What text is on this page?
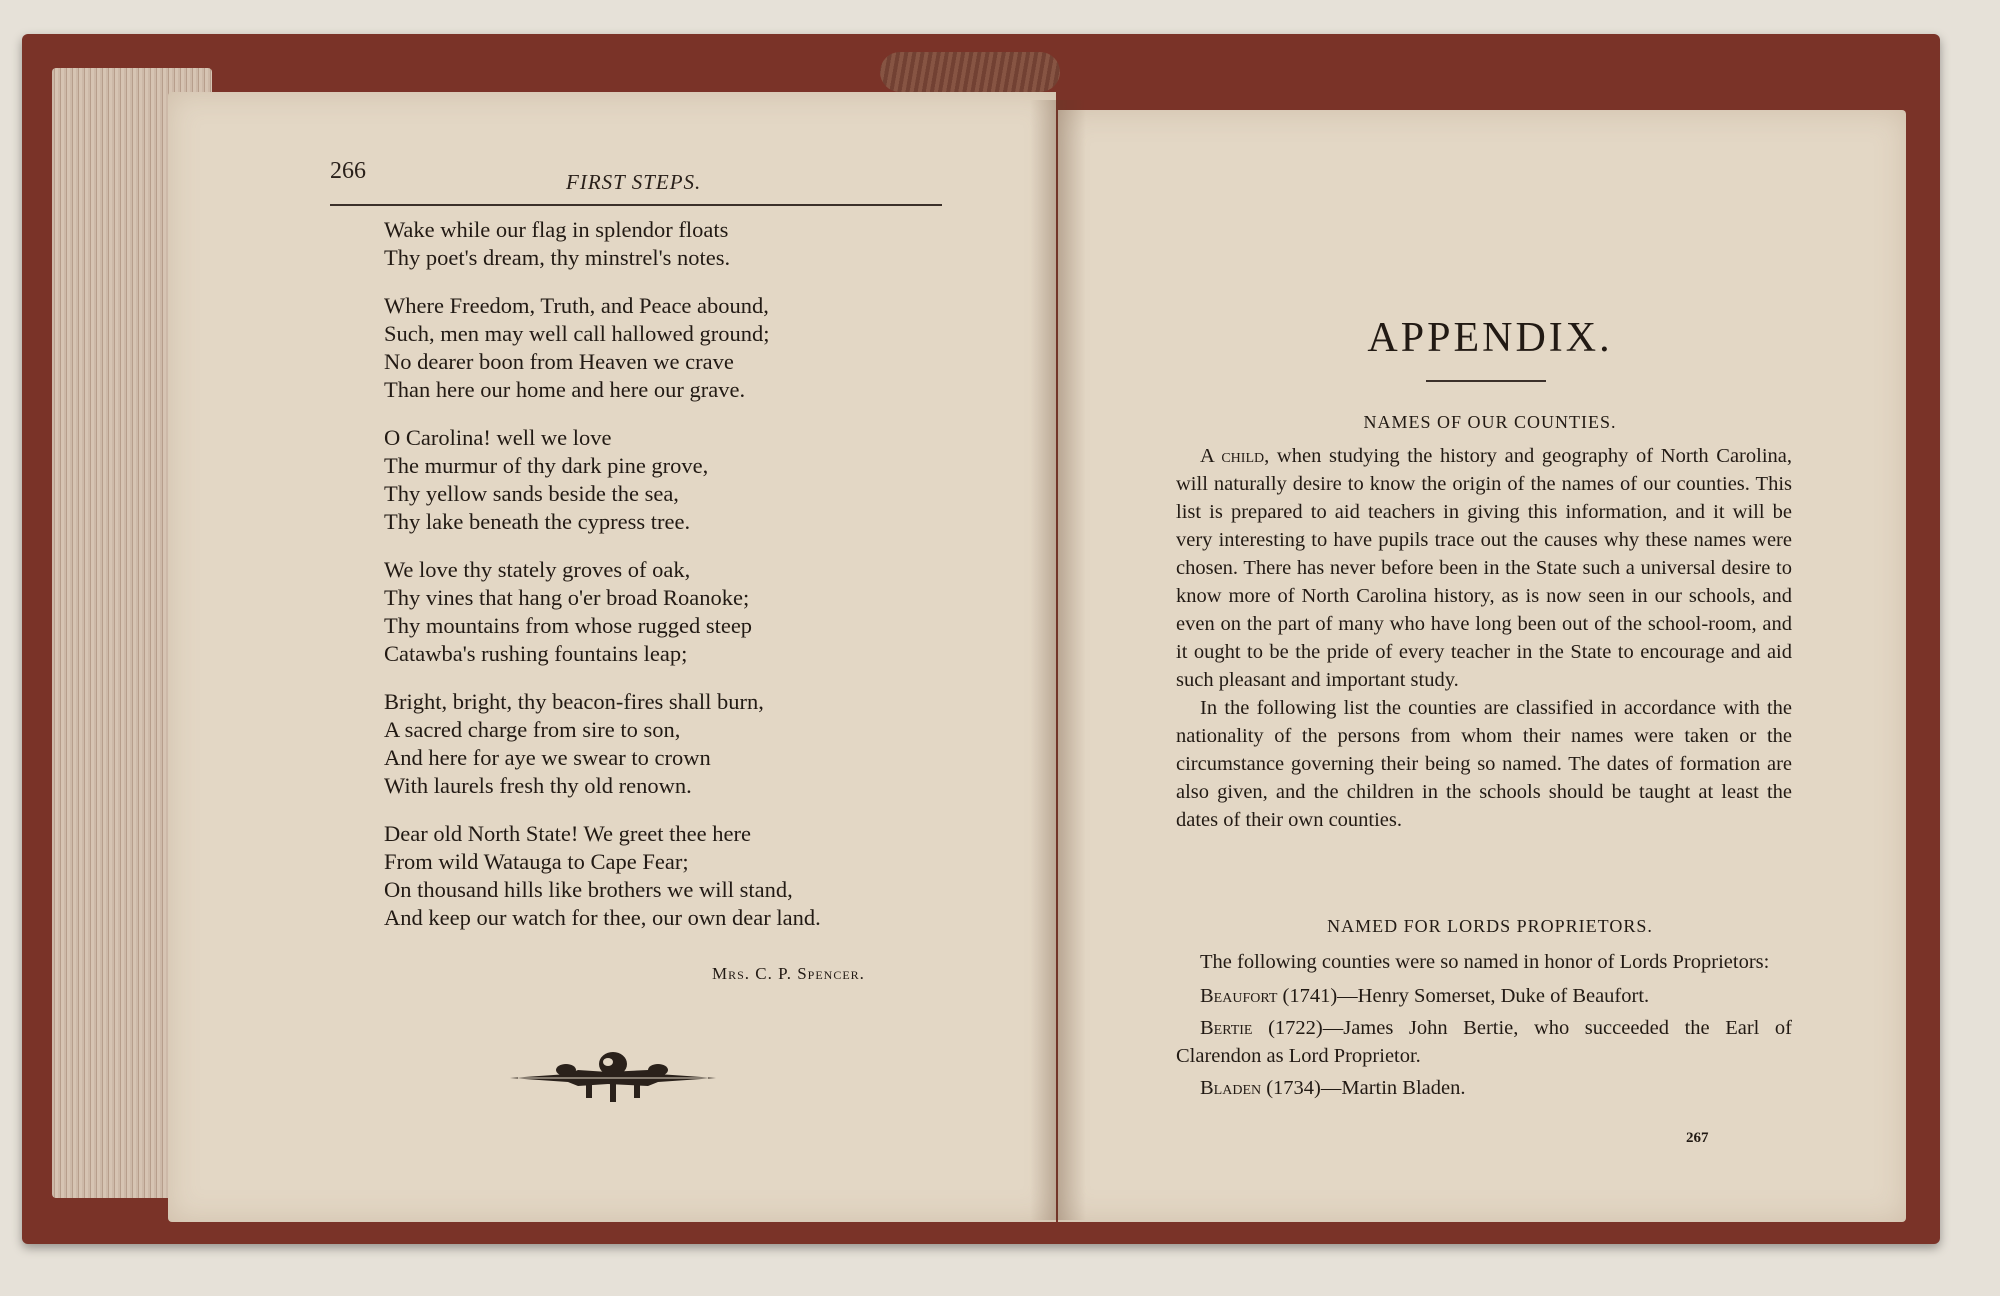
266	FIRST STEPS.
Wake while our flag in splendor floats
Thy poet's dream, thy minstrel's notes.
Where Freedom, Truth, and Peace abound,
Such, men may well call hallowed ground;
No dearer boon from Heaven we crave
Than here our home and here our grave.
O Carolina! well we love
The murmur of thy dark pine grove,
Thy yellow sands beside the sea,
Thy lake beneath the cypress tree.
We love thy stately groves of oak,
Thy vines that hang o'er broad Roanoke;
Thy mountains from whose rugged steep
Catawba's rushing fountains leap;
Bright, bright, thy beacon-fires shall burn,
A sacred charge from sire to son,
And here for aye we swear to crown
With laurels fresh thy old renown.
Dear old North State! We greet thee here
From wild Watauga to Cape Fear;
On thousand hills like brothers we will stand,
And keep our watch for thee, our own dear land.
Mrs. C. P. Spencer.
APPENDIX.
NAMES OF OUR COUNTIES.

A child, when studying the history and geography of North Carolina, will naturally desire to know the origin of the names of our counties. This list is prepared to aid teachers in giving this information, and it will be very interesting to have pupils trace out the causes why these names were chosen. There has never before been in the State such a universal desire to know more of North Carolina history, as is now seen in our schools, and even on the part of many who have long been out of the school-room, and it ought to be the pride of every teacher in the State to encourage and aid such pleasant and important study.

In the following list the counties are classified in accordance with the nationality of the persons from whom their names were taken or the circumstance governing their being so named. The dates of formation are also given, and the children in the schools should be taught at least the dates of their own counties.

NAMED FOR LORDS PROPRIETORS.

The following counties were so named in honor of Lords Proprietors:

Beaufort (1741)—Henry Somerset, Duke of Beaufort.

Bertie (1722)—James John Bertie, who succeeded the Earl of Clarendon as Lord Proprietor.

Bladen (1734)—Martin Bladen.

267
